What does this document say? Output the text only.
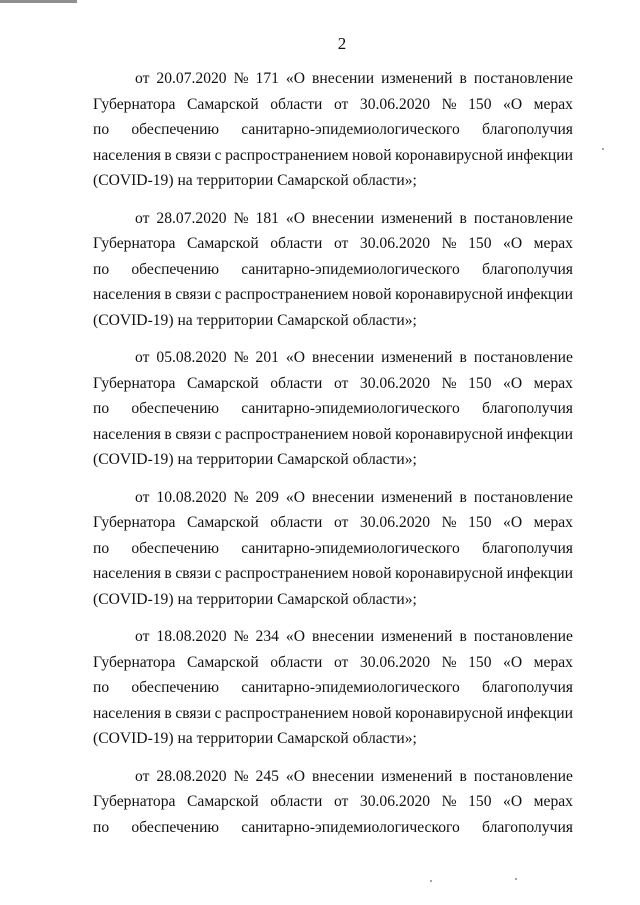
2
от 20.07.2020 № 171 «О внесении изменений в постановление
Губернатора Самарской области от 30.06.2020 № 150 «О мерах
по обеспечению санитарно-эпидемиологического благополучия
населения в связи с распространением новой коронавирусной инфекции
(COVID-19) на территории Самарской области»;
от 28.07.2020 № 181 «О внесении изменений в постановление
Губернатора Самарской области от 30.06.2020 № 150 «О мерах
по обеспечению санитарно-эпидемиологического благополучия
населения в связи с распространением новой коронавирусной инфекции
(COVID-19) на территории Самарской области»;
от 05.08.2020 № 201 «О внесении изменений в постановление
Губернатора Самарской области от 30.06.2020 № 150 «О мерах
по обеспечению санитарно-эпидемиологического благополучия
населения в связи с распространением новой коронавирусной инфекции
(COVID-19) на территории Самарской области»;
от 10.08.2020 № 209 «О внесении изменений в постановление
Губернатора Самарской области от 30.06.2020 № 150 «О мерах
по обеспечению санитарно-эпидемиологического благополучия
населения в связи с распространением новой коронавирусной инфекции
(COVID-19) на территории Самарской области»;
от 18.08.2020 № 234 «О внесении изменений в постановление
Губернатора Самарской области от 30.06.2020 № 150 «О мерах
по обеспечению санитарно-эпидемиологического благополучия
населения в связи с распространением новой коронавирусной инфекции
(COVID-19) на территории Самарской области»;
от 28.08.2020 № 245 «О внесении изменений в постановление
Губернатора Самарской области от 30.06.2020 № 150 «О мерах
по обеспечению санитарно-эпидемиологического благополучия
